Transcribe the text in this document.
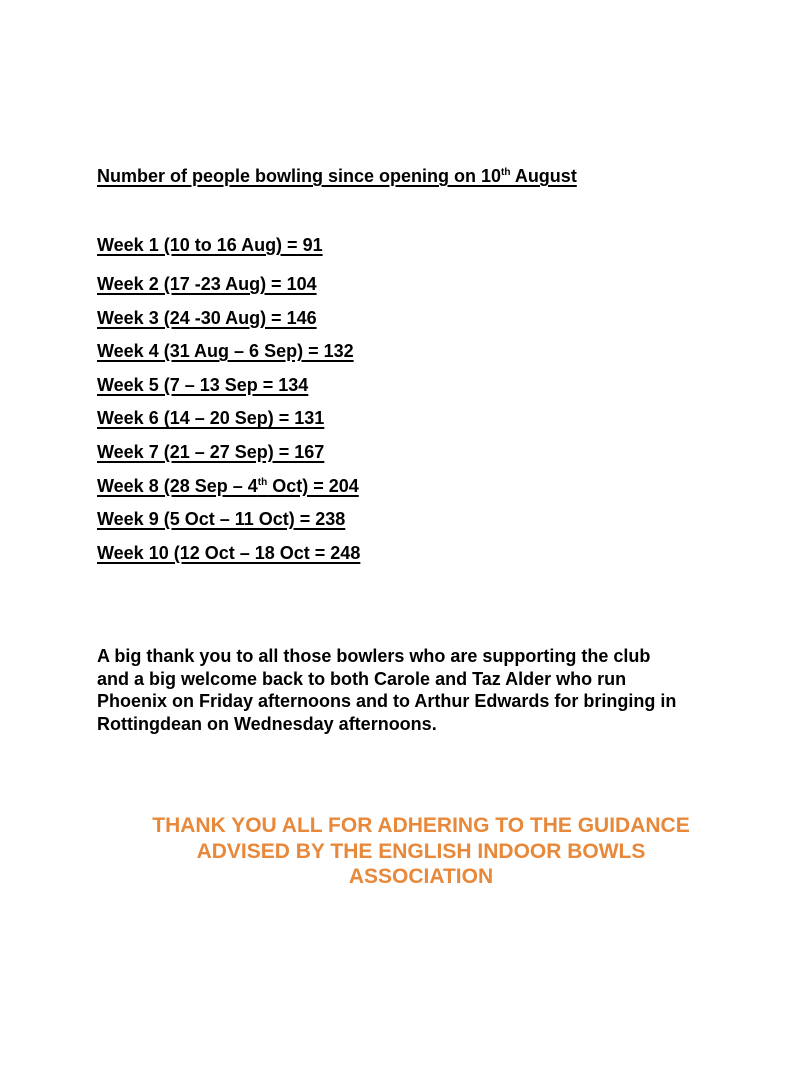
Number of people bowling since opening on 10th August

Week 1 (10 to 16 Aug) = 91
Week 2 (17 -23 Aug) = 104
Week 3 (24 -30 Aug) = 146
Week 4 (31 Aug – 6 Sep) = 132
Week 5 (7 – 13 Sep = 134
Week 6 (14 – 20 Sep) = 131
Week 7 (21 – 27 Sep) = 167
Week 8 (28 Sep – 4th Oct) = 204
Week 9 (5 Oct – 11 Oct) = 238
Week 10 (12 Oct – 18 Oct = 248

A big thank you to all those bowlers who are supporting the club
and a big welcome back to both Carole and Taz Alder who run
Phoenix on Friday afternoons and to Arthur Edwards for bringing in
Rottingdean on Wednesday afternoons.

THANK YOU ALL FOR ADHERING TO THE GUIDANCE
ADVISED BY THE ENGLISH INDOOR BOWLS
ASSOCIATION
